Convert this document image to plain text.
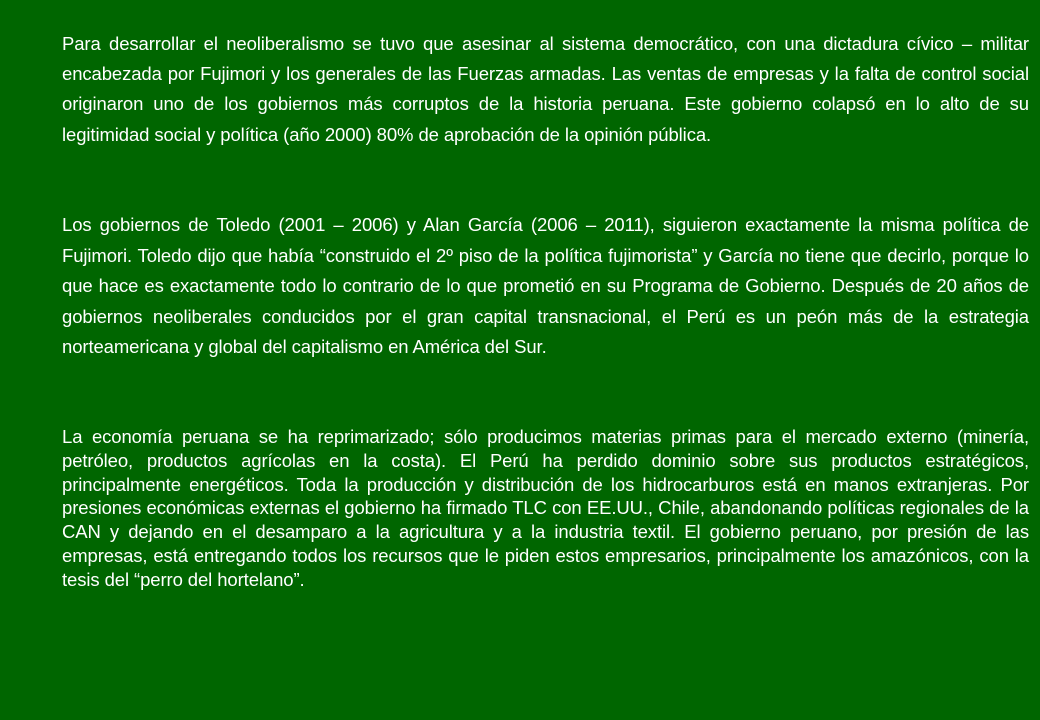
Para desarrollar el neoliberalismo se tuvo que asesinar al sistema democrático, con una dictadura cívico – militar encabezada por Fujimori y los generales de las Fuerzas armadas. Las ventas de empresas y la falta de control social originaron uno de los gobiernos más corruptos de la historia peruana. Este gobierno colapsó en lo alto de su legitimidad social y política (año 2000) 80% de aprobación de la opinión pública.

Los gobiernos de Toledo (2001 – 2006) y Alan García (2006 – 2011), siguieron exactamente la misma política de Fujimori. Toledo dijo que había “construido el 2º piso de la política fujimorista” y García no tiene que decirlo, porque lo que hace es exactamente todo lo contrario de lo que prometió en su Programa de Gobierno. Después de 20 años de gobiernos neoliberales conducidos por el gran capital transnacional, el Perú es un peón más de la estrategia norteamericana y global del capitalismo en América del Sur.

La economía peruana se ha reprimarizado; sólo producimos materias primas para el mercado externo (minería, petróleo, productos agrícolas en la costa). El Perú ha perdido dominio sobre sus productos estratégicos, principalmente energéticos. Toda la producción y distribución de los hidrocarburos está en manos extranjeras. Por presiones económicas externas el gobierno ha firmado TLC con EE.UU., Chile, abandonando políticas regionales de la CAN y dejando en el desamparo a la agricultura y a la industria textil. El gobierno peruano, por presión de las empresas, está entregando todos los recursos que le piden estos empresarios, principalmente los amazónicos, con la tesis del “perro del hortelano”.
